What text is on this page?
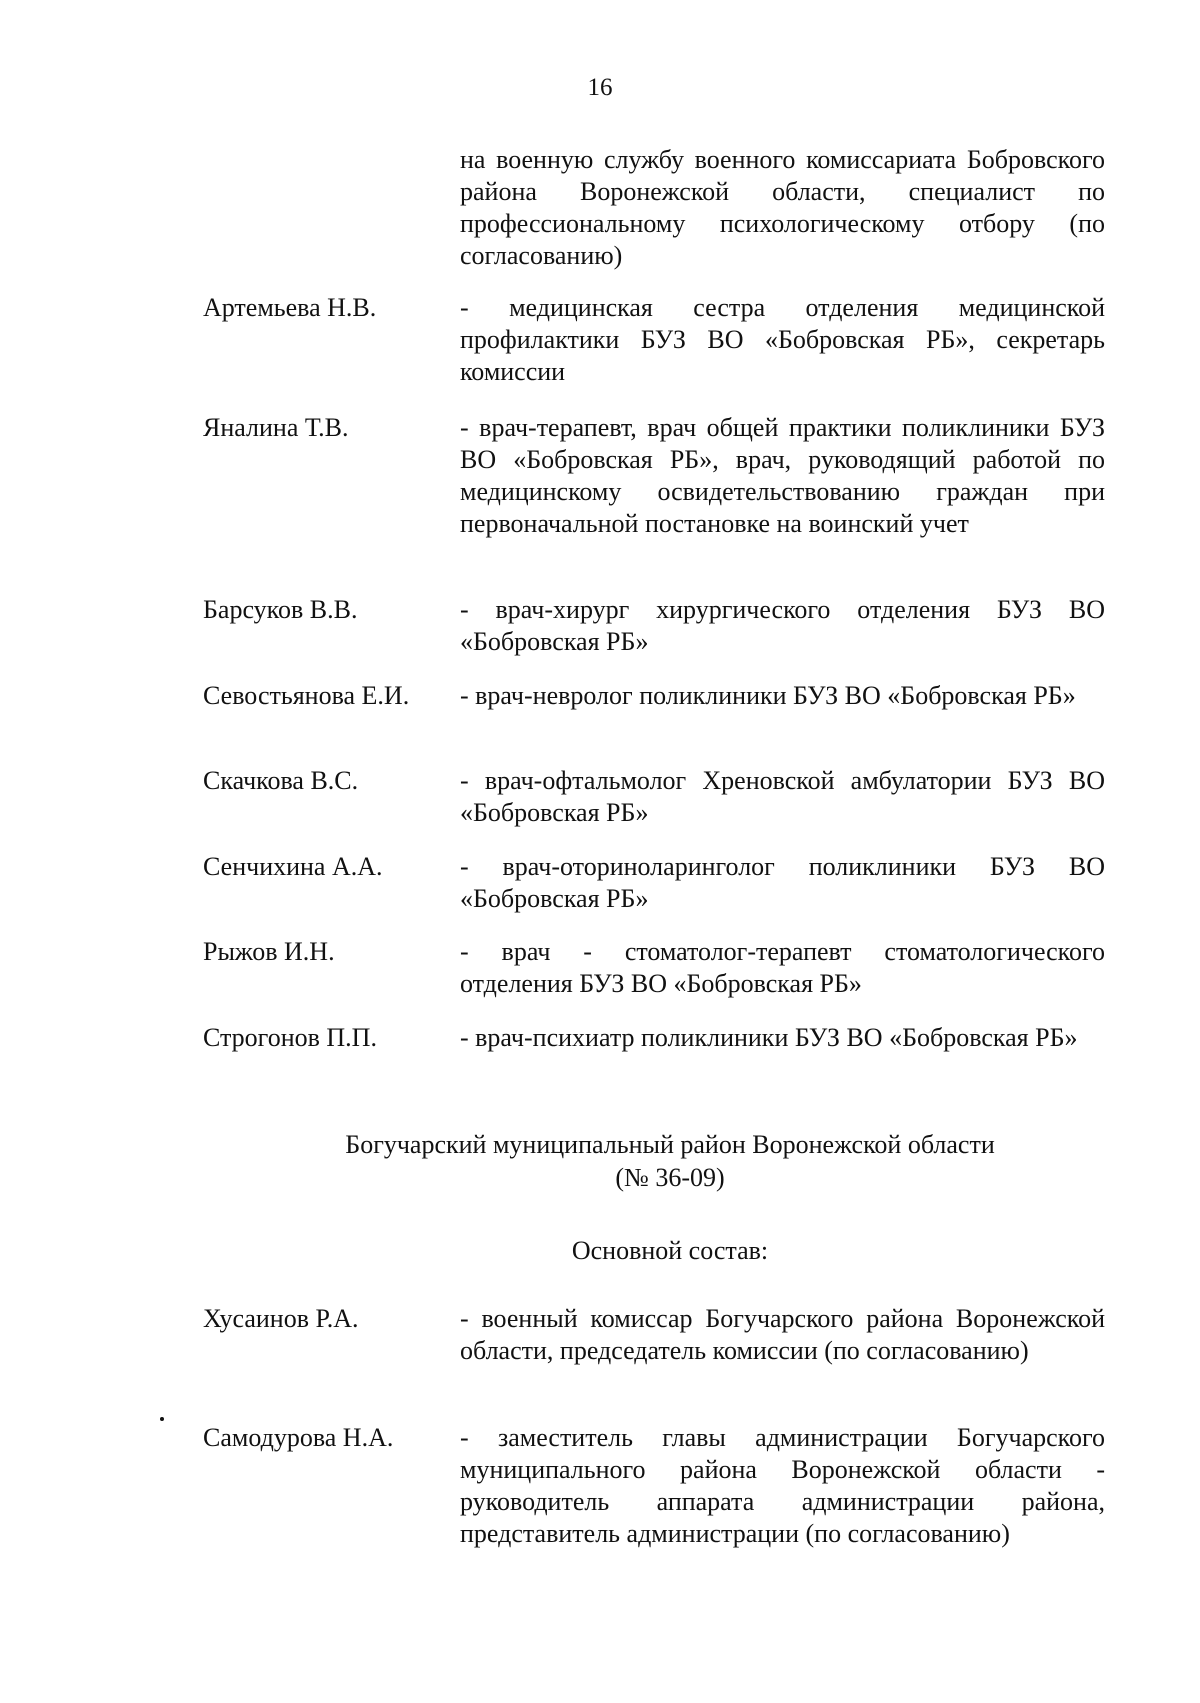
16

на военную службу военного комиссариата Бобровского района Воронежской области, специалист по профессиональному психологическому отбору (по согласованию)

Артемьева Н.В.	- медицинская сестра отделения медицинской профилактики БУЗ ВО «Бобровская РБ», секретарь комиссии

Яналина Т.В.	- врач-терапевт, врач общей практики поликлиники БУЗ ВО «Бобровская РБ», врач, руководящий работой по медицинскому освидетельствованию граждан при первоначальной постановке на воинский учет

Барсуков В.В.	- врач-хирург хирургического отделения БУЗ ВО «Бобровская РБ»

Севостьянова Е.И. - врач-невролог поликлиники БУЗ ВО «Бобровская РБ»

Скачкова В.С.	- врач-офтальмолог Хреновской амбулатории БУЗ ВО «Бобровская РБ»

Сенчихина А.А.	- врач-оториноларинголог поликлиники БУЗ ВО «Бобровская РБ»

Рыжов И.Н.	- врач - стоматолог-терапевт стоматологического отделения БУЗ ВО «Бобровская РБ»

Строгонов П.П.	- врач-психиатр поликлиники БУЗ ВО «Бобровская РБ»

Богучарский муниципальный район Воронежской области
(№ 36-09)
Основной состав:
Хусаинов Р.А.	- военный комиссар Богучарского района Воронежской области, председатель комиссии (по согласованию)

Самодурова Н.А.	- заместитель главы администрации Богучарского муниципального района Воронежской области - руководитель аппарата администрации района, представитель администрации (по согласованию)
